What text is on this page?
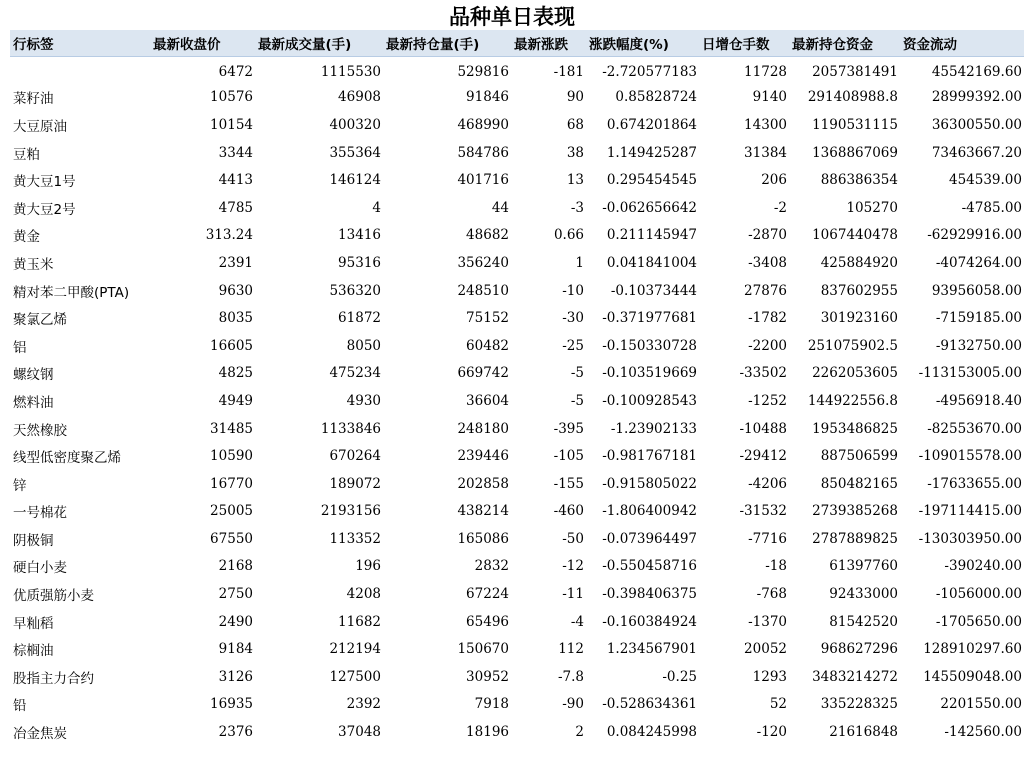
品种单日表现
行标签	最新收盘价	最新成交量(手)	最新持仓量(手)	最新涨跌	涨跌幅度(%)	日增仓手数	最新持仓资金	资金流动
	6472	1115530	529816	-181	-2.720577183	11728	2057381491	45542169.60
菜籽油	10576	46908	91846	90	0.85828724	9140	291408988.8	28999392.00
大豆原油	10154	400320	468990	68	0.674201864	14300	1190531115	36300550.00
豆粕	3344	355364	584786	38	1.149425287	31384	1368867069	73463667.20
黄大豆1号	4413	146124	401716	13	0.295454545	206	886386354	454539.00
黄大豆2号	4785	4	44	-3	-0.062656642	-2	105270	-4785.00
黄金	313.24	13416	48682	0.66	0.211145947	-2870	1067440478	-62929916.00
黄玉米	2391	95316	356240	1	0.041841004	-3408	425884920	-4074264.00
精对苯二甲酸(PTA)	9630	536320	248510	-10	-0.10373444	27876	837602955	93956058.00
聚氯乙烯	8035	61872	75152	-30	-0.371977681	-1782	301923160	-7159185.00
铝	16605	8050	60482	-25	-0.150330728	-2200	251075902.5	-9132750.00
螺纹钢	4825	475234	669742	-5	-0.103519669	-33502	2262053605	-113153005.00
燃料油	4949	4930	36604	-5	-0.100928543	-1252	144922556.8	-4956918.40
天然橡胶	31485	1133846	248180	-395	-1.23902133	-10488	1953486825	-82553670.00
线型低密度聚乙烯	10590	670264	239446	-105	-0.981767181	-29412	887506599	-109015578.00
锌	16770	189072	202858	-155	-0.915805022	-4206	850482165	-17633655.00
一号棉花	25005	2193156	438214	-460	-1.806400942	-31532	2739385268	-197114415.00
阴极铜	67550	113352	165086	-50	-0.073964497	-7716	2787889825	-130303950.00
硬白小麦	2168	196	2832	-12	-0.550458716	-18	61397760	-390240.00
优质强筋小麦	2750	4208	67224	-11	-0.398406375	-768	92433000	-1056000.00
早籼稻	2490	11682	65496	-4	-0.160384924	-1370	81542520	-1705650.00
棕榈油	9184	212194	150670	112	1.234567901	20052	968627296	128910297.60
股指主力合约	3126	127500	30952	-7.8	-0.25	1293	3483214272	145509048.00
铅	16935	2392	7918	-90	-0.528634361	52	335228325	2201550.00
冶金焦炭	2376	37048	18196	2	0.084245998	-120	21616848	-142560.00
